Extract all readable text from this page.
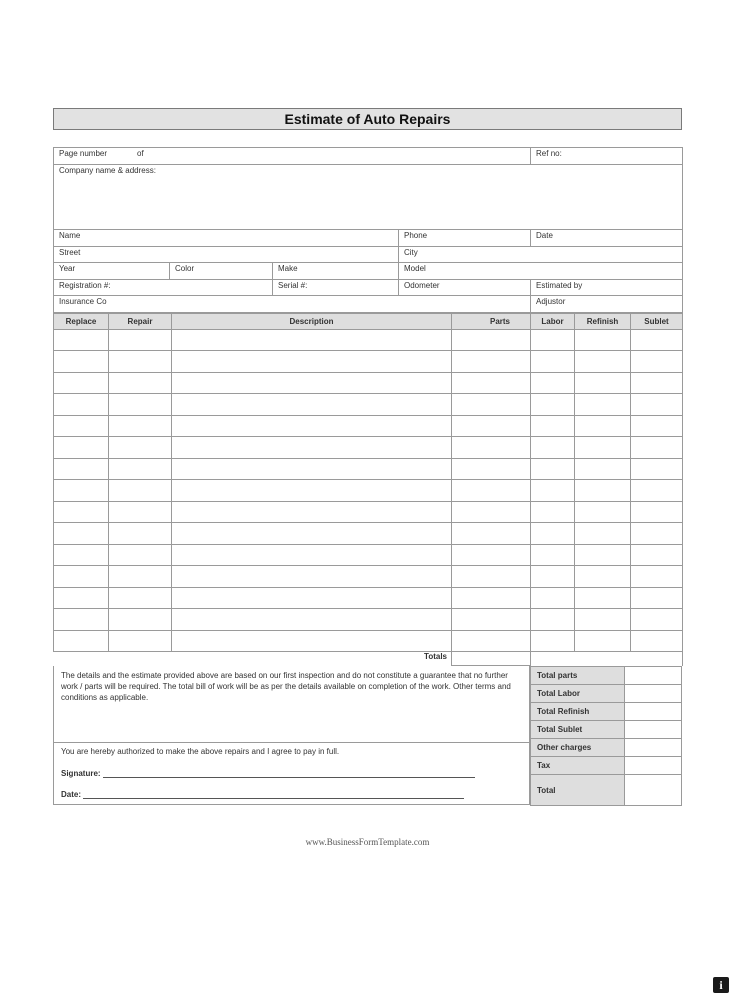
Estimate of Auto Repairs
Page number of				Ref no:
Company name & address:				
Name			Phone	Date
Street			City	
Year	Color	Make	Model	
Registration #:		Serial #:	Odometer	Estimated by
Insurance Co				Adjustor
Replace	Repair	Description	Parts	Labor	Refinish	Sublet

Totals						
The details and the estimate provided above are based on our first inspection and do not constitute a guarantee that no further work / parts will be required. The total bill of work will be as per the details available on completion of the work. Other terms and conditions as applicable.
You are hereby authorized to make the above repairs and I agree to pay in full.
Signature:
Date:
Total parts	
Total Labor	
Total Refinish	
Total Sublet	
Other charges	
Tax	
Total	
www.BusinessFormTemplate.com
i
